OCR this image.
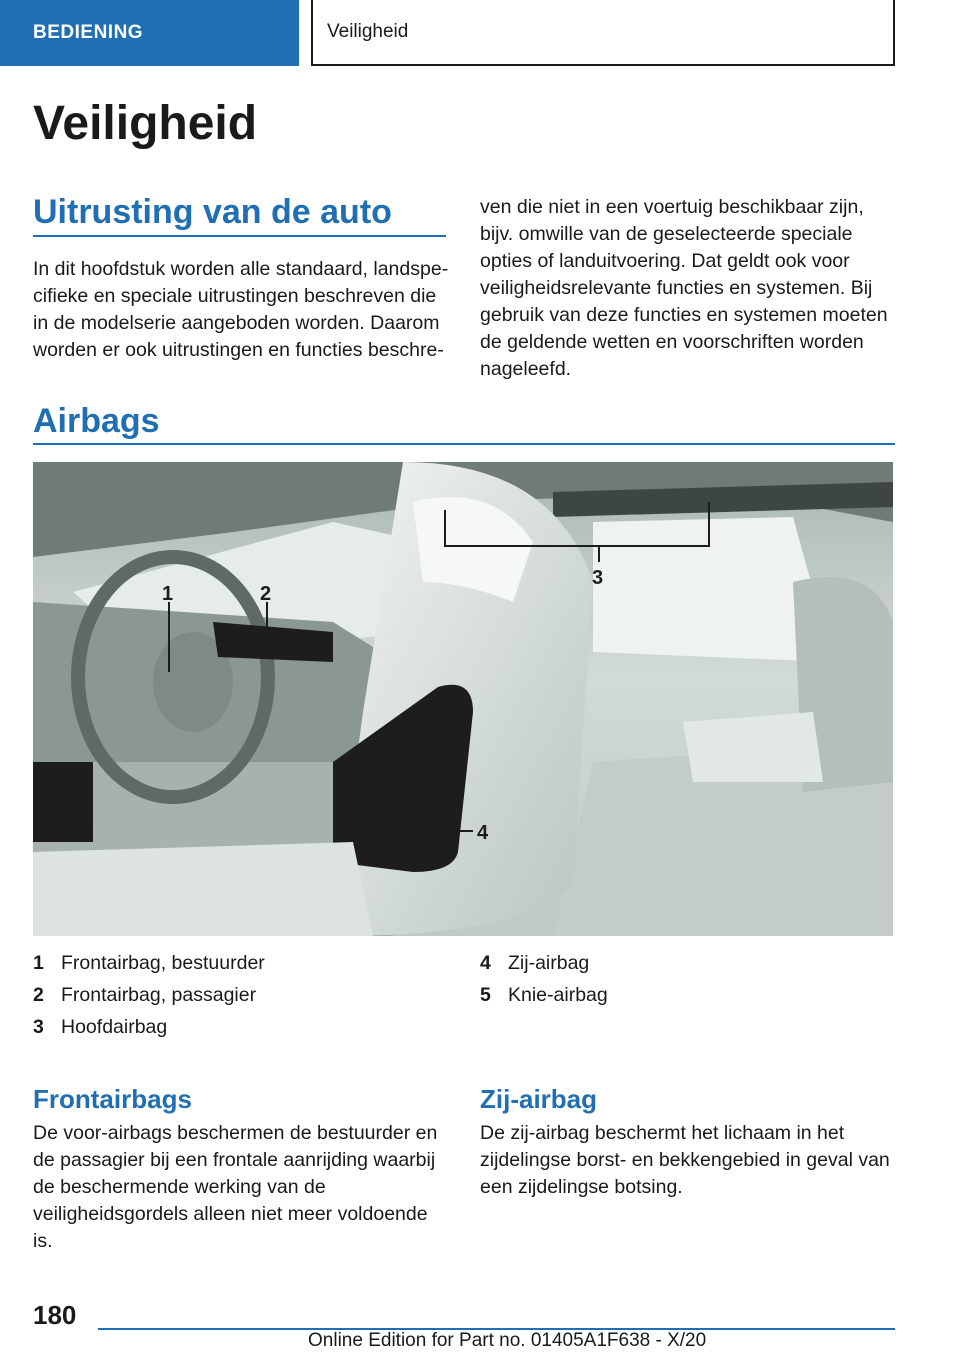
BEDIENING	Veiligheid
Veiligheid
Uitrusting van de auto
In dit hoofdstuk worden alle standaard, landspecifieke en speciale uitrustingen beschreven die in de modelserie aangeboden worden. Daarom worden er ook uitrustingen en functies beschre-
ven die niet in een voertuig beschikbaar zijn, bijv. omwille van de geselecteerde speciale opties of landuitvoering. Dat geldt ook voor veiligheidsrelevante functies en systemen. Bij gebruik van deze functies en systemen moeten de geldende wetten en voorschriften worden nageleefd.
Airbags
1	2
3
4
5
1 Frontairbag, bestuurder
2 Frontairbag, passagier
3 Hoofdairbag
4 Zij-airbag
5 Knie-airbag
Frontairbags
De voor-airbags beschermen de bestuurder en de passagier bij een frontale aanrijding waarbij de beschermende werking van de veiligheidsgordels alleen niet meer voldoende is.
Zij-airbag
De zij-airbag beschermt het lichaam in het zijdelingse borst- en bekkengebied in geval van een zijdelingse botsing.
180
Online Edition for Part no. 01405A1F638 - X/20
